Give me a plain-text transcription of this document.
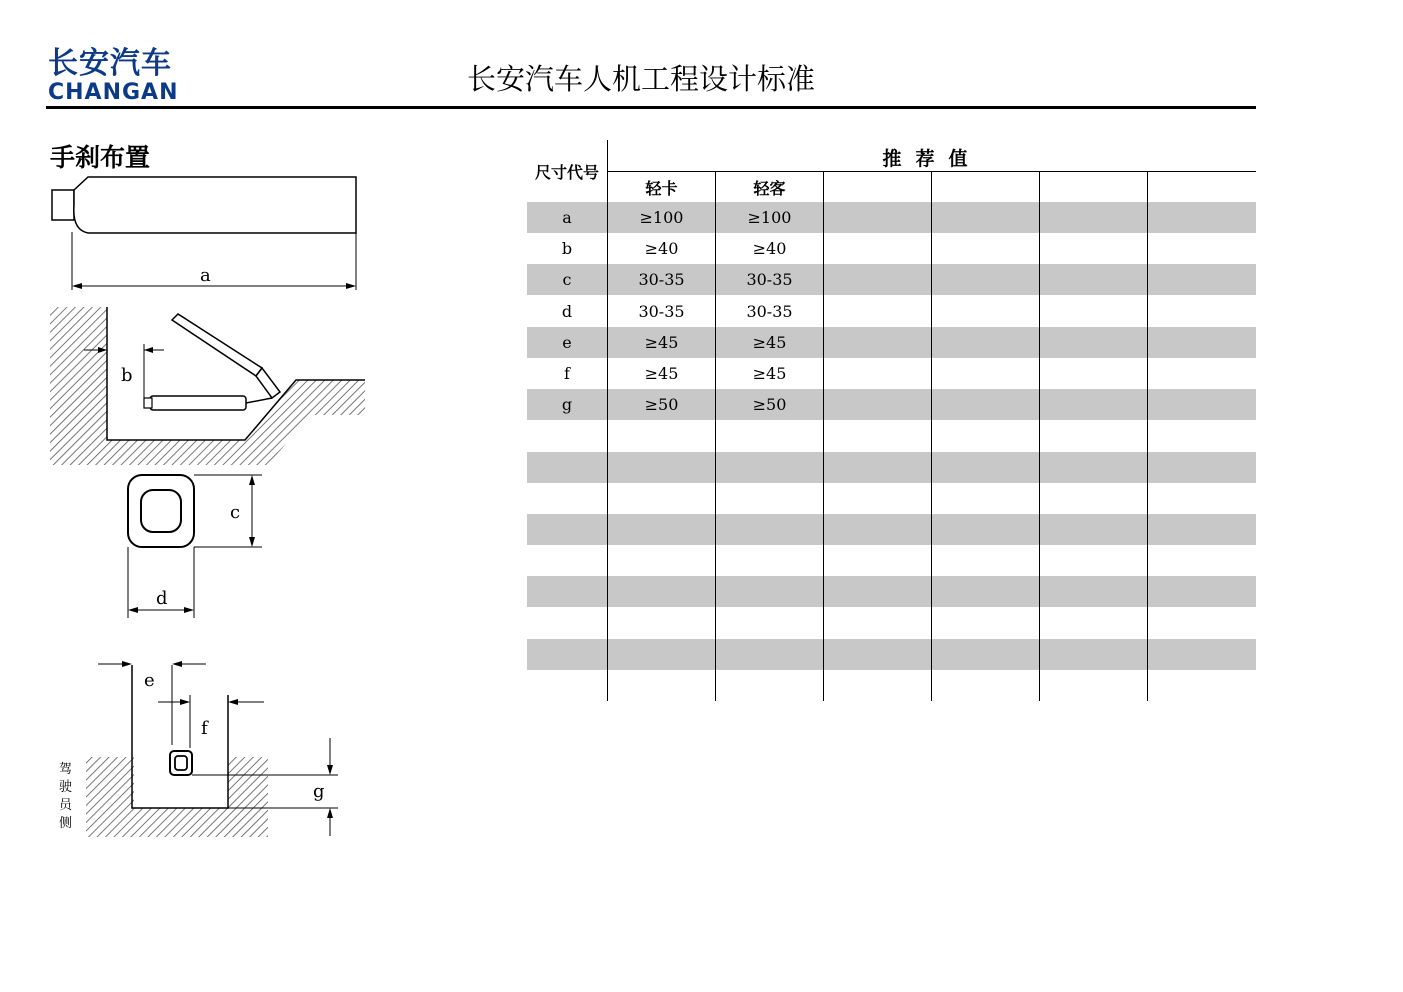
长安汽车
CHANGAN	长安汽车人机工程设计标准
手刹布置
a
b
c
d
e
f
g
驾 驶 员 侧
尺寸代号
推荐值
轻卡	轻客
a	≥100	≥100
b	≥40	≥40
c	30-35	30-35
d	30-35	30-35
e	≥45	≥45
f	≥45	≥45
g	≥50	≥50
